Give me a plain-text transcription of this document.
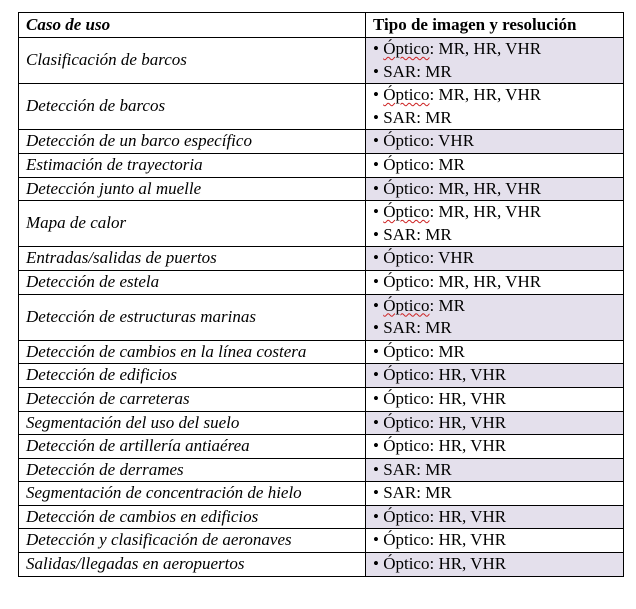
Caso de uso	Tipo de imagen y resolución
Clasificación de barcos	• Óptico: MR, HR, VHR
• SAR: MR

Detección de barcos	• Óptico: MR, HR, VHR
• SAR: MR

Detección de un barco específico	• Óptico: VHR

Estimación de trayectoria	• Óptico: MR

Detección junto al muelle	• Óptico: MR, HR, VHR

Mapa de calor	• Óptico: MR, HR, VHR
• SAR: MR

Entradas/salidas de puertos	• Óptico: VHR

Detección de estela	• Óptico: MR, HR, VHR

Detección de estructuras marinas	• Óptico: MR
• SAR: MR

Detección de cambios en la línea costera	• Óptico: MR

Detección de edificios	• Óptico: HR, VHR

Detección de carreteras	• Óptico: HR, VHR

Segmentación del uso del suelo	• Óptico: HR, VHR

Detección de artillería antiaérea	• Óptico: HR, VHR

Detección de derrames	• SAR: MR

Segmentación de concentración de hielo	• SAR: MR

Detección de cambios en edificios	• Óptico: HR, VHR

Detección y clasificación de aeronaves	• Óptico: HR, VHR

Salidas/llegadas en aeropuertos	• Óptico: HR, VHR
